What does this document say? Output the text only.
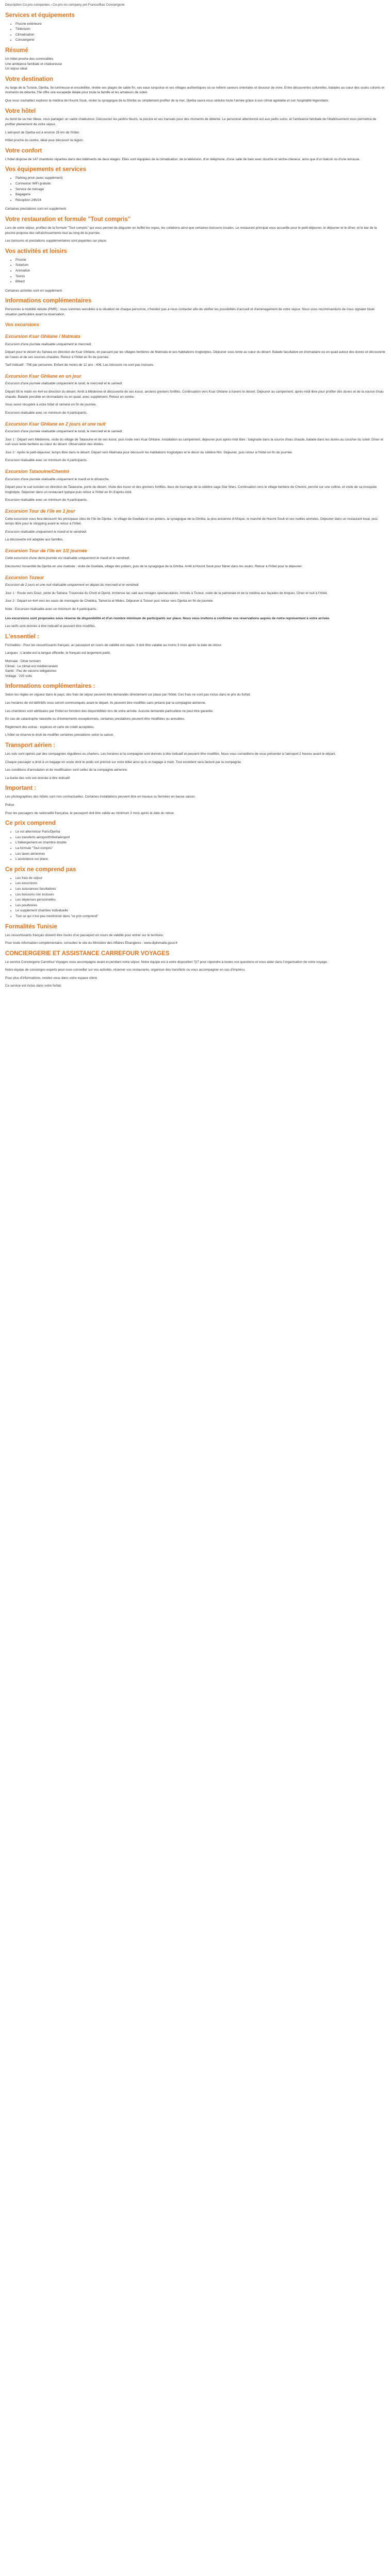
Description Co-pro-companies › Co-pro-rio company pot France/Bas Conciergerie
Services et équipements
• Piscine extérieure
• Télévision
• Climatisation
• Conciergerie
Résumé
Un hôtel proche des commodités
Une ambiance familiale et chaleureuse
Un séjour idéal
Votre destination

Au large de la Tunisie, Djerba, île lumineuse et ensoleillée, révèle ses plages de sable fin, ses eaux turquoise et ses villages authentiques où se mêlent saveurs orientales et douceur de vivre. Entre découvertes culturelles, balades au cœur des souks colorés et moments de détente, l'île offre une escapade idéale pour toute la famille et les amateurs de soleil.

Que vous souhaitiez explorer la médina de Houmt Souk, visiter la synagogue de la Ghriba ou simplement profiter de la mer, Djerba saura vous séduire toute l'année grâce à son climat agréable et son hospitalité légendaire.

Votre hôtel

Au bord de sa mer bleue, vous partagez un cadre chaleureux. Découvrez les jardins fleuris, la piscine et ses transats pour des moments de détente. Le personnel attentionné est aux petits soins, et l'ambiance familiale de l'établissement vous permettra de profiter pleinement de votre séjour.

L'aéroport de Djerba est à environ 25 km de l'hôtel.

Hôtel proche du centre, idéal pour découvrir la région.

Votre confort

L'hôtel dispose de 147 chambres réparties dans des bâtiments de deux étages. Elles sont équipées de la climatisation, de la télévision, d'un téléphone, d'une salle de bain avec douche et sèche-cheveux, ainsi que d'un balcon ou d'une terrasse.

Vos équipements et services
• Parking privé (avec supplément)
• Connexion WiFi gratuite
• Service de ménage
• Bagagerie
• Réception 24h/24

Certaines prestations sont en supplément.

Votre restauration et formule "Tout compris"

Lors de votre séjour, profitez de la formule "Tout compris" qui vous permet de déguster en buffet les repas, les collations ainsi que certaines boissons locales. Le restaurant principal vous accueille pour le petit-déjeuner, le déjeuner et le dîner, et le bar de la piscine propose des rafraîchissements tout au long de la journée.

Les boissons et prestations supplémentaires sont payantes sur place.

Vos activités et loisirs
• Piscine
• Solarium
• Animation
• Tennis
• Billard

Certaines activités sont en supplément.

Informations complémentaires

Personnes à mobilité réduite (PMR) : nous sommes sensibles à la situation de chaque personne, n'hésitez pas à nous contacter afin de vérifier les possibilités d'accueil et d'aménagement de votre séjour. Nous vous recommandons de nous signaler toute situation particulière avant la réservation.

Vos excursions
Excursion Ksar Ghilane / Matmata

Excursion d'une journée réalisable uniquement le mercredi.

Départ pour le désert du Sahara en direction de Ksar Ghilane, en passant par les villages berbères de Matmata et ses habitations troglodytes. Déjeuner sous tente au cœur du désert. Balade facultative en dromadaire ou en quad autour des dunes et découverte de l'oasis et de ses sources chaudes. Retour à l'hôtel en fin de journée.

Tarif indicatif : 75€ par personne. Enfant de moins de 12 ans : 40€. Les boissons ne sont pas incluses.

Excursion Ksar Ghilane en un jour

Excursion d'une journée réalisable uniquement le lundi, le mercredi et le samedi.

Départ tôt le matin en 4x4 en direction du désert. Arrêt à Médenine et découverte de ses ksour, anciens greniers fortifiés. Continuation vers Ksar Ghilane à travers le désert. Déjeuner au campement, après-midi libre pour profiter des dunes et de la source d'eau chaude. Balade possible en dromadaire ou en quad, avec supplément. Retour en soirée.

Vous serez récupéré à votre hôtel et ramené en fin de journée.

Excursion réalisable avec un minimum de 4 participants.

Excursion Ksar Ghilane en 2 jours et une nuit

Excursion d'une journée réalisable uniquement le lundi, le mercredi et le samedi.

Jour 1 : Départ vers Médenine, visite du village de Tataouine et de ses ksour, puis route vers Ksar Ghilane. Installation au campement, déjeuner puis après-midi libre : baignade dans la source d'eau chaude, balade dans les dunes au coucher du soleil. Dîner et nuit sous tente berbère au cœur du désert. Observation des étoiles.

Jour 2 : Après le petit-déjeuner, temps libre dans le désert. Départ vers Matmata pour découvrir les habitations troglodytes et le décor du célèbre film. Déjeuner, puis retour à l'hôtel en fin de journée.

Excursion réalisable avec un minimum de 4 participants.

Excursion Tataouine/Chenini

Excursion d'une journée réalisable uniquement le mardi et le dimanche.

Départ pour le sud tunisien en direction de Tataouine, porte du désert. Visite des ksour et des greniers fortifiés, lieux de tournage de la célèbre saga Star Wars. Continuation vers le village berbère de Chenini, perché sur une colline, et visite de sa mosquée troglodyte. Déjeuner dans un restaurant typique puis retour à l'hôtel en fin d'après-midi.

Excursion réalisable avec un minimum de 4 participants.

Excursion Tour de l'île en 1 jour

Cette excursion vous fera découvrir les principaux sites de l'île de Djerba : le village de Guellala et ses potiers, la synagogue de la Ghriba, la plus ancienne d'Afrique, le marché de Houmt Souk et ses ruelles animées. Déjeuner dans un restaurant local, puis temps libre pour le shopping avant le retour à l'hôtel.

Excursion réalisable uniquement le mardi et le vendredi.

La découverte est adaptée aux familles.

Excursion Tour de l'île en 1/2 journée

Cette excursion d'une demi-journée est réalisable uniquement le mardi et le vendredi.

Découvrez l'essentiel de Djerba en une matinée : visite de Guellala, village des potiers, puis de la synagogue de la Ghriba. Arrêt à Houmt Souk pour flâner dans les souks. Retour à l'hôtel pour le déjeuner.

Excursion Tozeur

Excursion de 2 jours et une nuit réalisable uniquement en départ du mercredi et le vendredi.

Jour 1 : Route vers Douz, porte du Sahara. Traversée du Chott el Djerid, immense lac salé aux mirages spectaculaires. Arrivée à Tozeur, visite de la palmeraie et de la médina aux façades de briques. Dîner et nuit à l'hôtel.

Jour 2 : Départ en 4x4 vers les oasis de montagne de Chebika, Tamerza et Mides. Déjeuner à Tozeur puis retour vers Djerba en fin de journée.

Note : Excursion réalisable avec un minimum de 4 participants.

Les excursions sont proposées sous réserve de disponibilité et d'un nombre minimum de participants sur place. Nous vous invitons à confirmer vos réservations auprès de notre représentant à votre arrivée.

Les tarifs sont donnés à titre indicatif et peuvent être modifiés.

L'essentiel :

Formalités : Pour les ressortissants français, un passeport en cours de validité est requis. Il doit être valable au moins 3 mois après la date de retour.

Langues : L'arabe est la langue officielle, le français est largement parlé.

Monnaie : Dinar tunisien
Climat : Le climat est méditerranéen
Santé : Pas de vaccins obligatoires
Voltage : 220 volts
Informations complémentaires :

Selon les règles en vigueur dans le pays, des frais de séjour peuvent être demandés directement sur place par l'hôtel. Ces frais ne sont pas inclus dans le prix du forfait.

Les horaires de vol définitifs vous seront communiqués avant le départ. Ils peuvent être modifiés sans préavis par la compagnie aérienne.

Les chambres sont attribuées par l'hôtel en fonction des disponibilités lors de votre arrivée. Aucune demande particulière ne peut être garantie.

En cas de catastrophe naturelle ou d'événements exceptionnels, certaines prestations peuvent être modifiées ou annulées.

Règlement des extras : espèces et carte de crédit acceptées.

L'hôtel se réserve le droit de modifier certaines prestations selon la saison.

Transport aérien :

Les vols sont opérés par des compagnies régulières ou charters. Les horaires et la compagnie sont donnés à titre indicatif et peuvent être modifiés. Nous vous conseillons de vous présenter à l'aéroport 2 heures avant le départ.

Chaque passager a droit à un bagage en soute dont le poids est précisé sur votre billet ainsi qu'à un bagage à main. Tout excédent sera facturé par la compagnie.

Les conditions d'annulation et de modification sont celles de la compagnie aérienne.

La durée des vols est donnée à titre indicatif.

Important :

Les photographies des hôtels sont non contractuelles. Certaines installations peuvent être en travaux ou fermées en basse saison.

Police

Pour les passagers de nationalité française, le passeport doit être valide au minimum 3 mois après la date du retour.

Ce prix comprend
• Le vol aller/retour Paris/Djerba
• Les transferts aéroport/hôtel/aéroport
• L'hébergement en chambre double
• La formule "Tout compris"
• Les taxes aériennes
• L'assistance sur place
Ce prix ne comprend pas
• Les frais de séjour
• Les excursions
• Les assurances facultatives
• Les boissons non incluses
• Les dépenses personnelles
• Les pourboires
• Le supplément chambre individuelle
• Tout ce qui n'est pas mentionné dans "ce prix comprend"
Formalités Tunisie

Les ressortissants français doivent être munis d'un passeport en cours de validité pour entrer sur le territoire.

Pour toute information complémentaire, consultez le site du Ministère des Affaires Étrangères : www.diplomatie.gouv.fr

CONCIERGERIE ET ASSISTANCE CARREFOUR VOYAGES

Le service Conciergerie Carrefour Voyages vous accompagne avant et pendant votre séjour. Notre équipe est à votre disposition 7j/7 pour répondre à toutes vos questions et vous aider dans l'organisation de votre voyage.

Notre équipe de concierges experts peut vous conseiller sur vos activités, réserver vos restaurants, organiser des transferts ou vous accompagner en cas d'imprévu.

Pour plus d'informations, rendez-vous dans votre espace client.

Ce service est inclus dans votre forfait.
